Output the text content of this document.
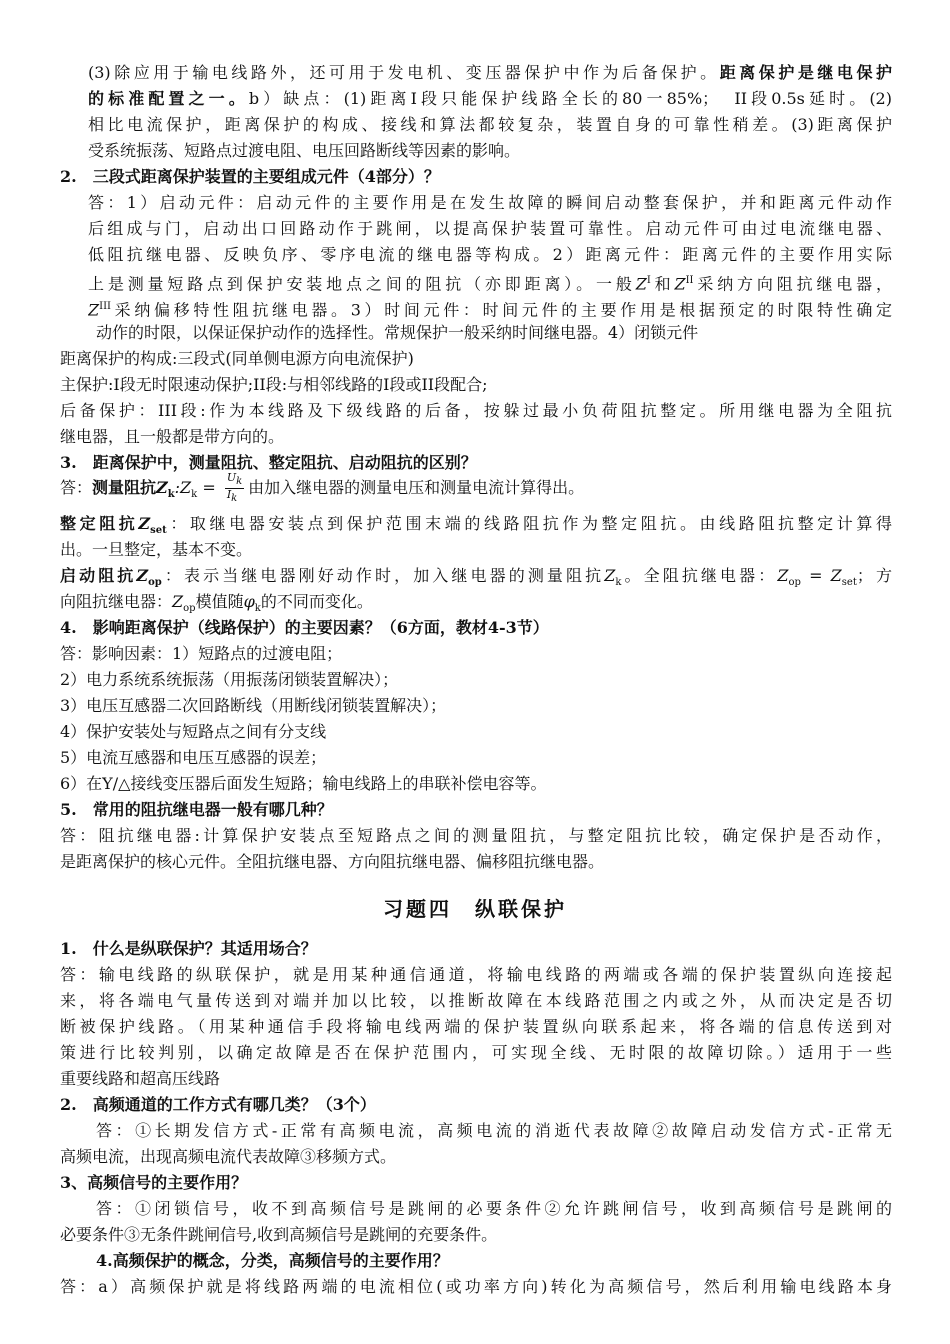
(3)除应用于输电线路外，还可用于发电机、变压器保护中作为后备保护。距离保护是继电保护
的标准配置之一。b）缺点：(1)距离Ⅰ段只能保护线路全长的80一85%；　II段0.5s延时。(2)
相比电流保护，距离保护的构成、接线和算法都较复杂，装置自身的可靠性稍差。(3)距离保护
受系统振荡、短路点过渡电阻、电压回路断线等因素的影响。
2.　三段式距离保护装置的主要组成元件（4部分）？
答：1）启动元件：启动元件的主要作用是在发生故障的瞬间启动整套保护，并和距离元件动作
后组成与门，启动出口回路动作于跳闸，以提高保护装置可靠性。启动元件可由过电流继电器、
低阻抗继电器、反映负序、零序电流的继电器等构成。2）距离元件：距离元件的主要作用实际
上是测量短路点到保护安装地点之间的阻抗（亦即距离）。一般$Z^I$和$Z^{II}$采纳方向阻抗继电器，
$Z^{III}$采纳偏移特性阻抗继电器。3）时间元件：时间元件的主要作用是根据预定的时限特性确定
动作的时限，以保证保护动作的选择性。常规保护一般采纳时间继电器。4）闭锁元件
距离保护的构成:三段式(同单侧电源方向电流保护)
主保护:I段无时限速动保护;II段:与相邻线路的I段或II段配合;
后备保护：III段:作为本线路及下级线路的后备，按躲过最小负荷阻抗整定。所用继电器为全阻抗
继电器，且一般都是带方向的。
3.　距离保护中，测量阻抗、整定阻抗、启动阻抗的区别？
答：测量阻抗$Z_k:Z_k = \frac{U_k}{I_k}$ 由加入继电器的测量电压和测量电流计算得出。
整定阻抗$Z_{set}$：取继电器安装点到保护范围末端的线路阻抗作为整定阻抗。由线路阻抗整定计算得
出。一旦整定，基本不变。
启动阻抗$Z_{op}$：表示当继电器刚好动作时，加入继电器的测量阻抗$Z_k$。全阻抗继电器：$Z_{op} = Z_{set}$；方
向阻抗继电器：$Z_{op}$模值随$\varphi_k$的不同而变化。
4.　影响距离保护（线路保护）的主要因素？（6方面，教材4-3节）
答：影响因素：1）短路点的过渡电阻；
2）电力系统系统振荡（用振荡闭锁装置解决）；
3）电压互感器二次回路断线（用断线闭锁装置解决）；
4）保护安装处与短路点之间有分支线
5）电流互感器和电压互感器的误差；
6）在Y/△接线变压器后面发生短路；输电线路上的串联补偿电容等。
5.　常用的阻抗继电器一般有哪几种？
答：阻抗继电器:计算保护安装点至短路点之间的测量阻抗，与整定阻抗比较，确定保护是否动作，
是距离保护的核心元件。全阻抗继电器、方向阻抗继电器、偏移阻抗继电器。
习题四　纵联保护
1.　什么是纵联保护？其适用场合？
答：输电线路的纵联保护，就是用某种通信通道，将输电线路的两端或各端的保护装置纵向连接起
来，将各端电气量传送到对端并加以比较，以推断故障在本线路范围之内或之外，从而决定是否切
断被保护线路。（用某种通信手段将输电线两端的保护装置纵向联系起来，将各端的信息传送到对
策进行比较判别，以确定故障是否在保护范围内，可实现全线、无时限的故障切除。）适用于一些
重要线路和超高压线路
2.　高频通道的工作方式有哪几类？（3个）
答：①长期发信方式-正常有高频电流，高频电流的消逝代表故障②故障启动发信方式-正常无
高频电流，出现高频电流代表故障③移频方式。
3、高频信号的主要作用？
答：①闭锁信号，收不到高频信号是跳闸的必要条件②允许跳闸信号，收到高频信号是跳闸的
必要条件③无条件跳闸信号,收到高频信号是跳闸的充要条件。
4.高频保护的概念，分类，高频信号的主要作用？
答：a）高频保护就是将线路两端的电流相位(或功率方向)转化为高频信号，然后利用输电线路本身
